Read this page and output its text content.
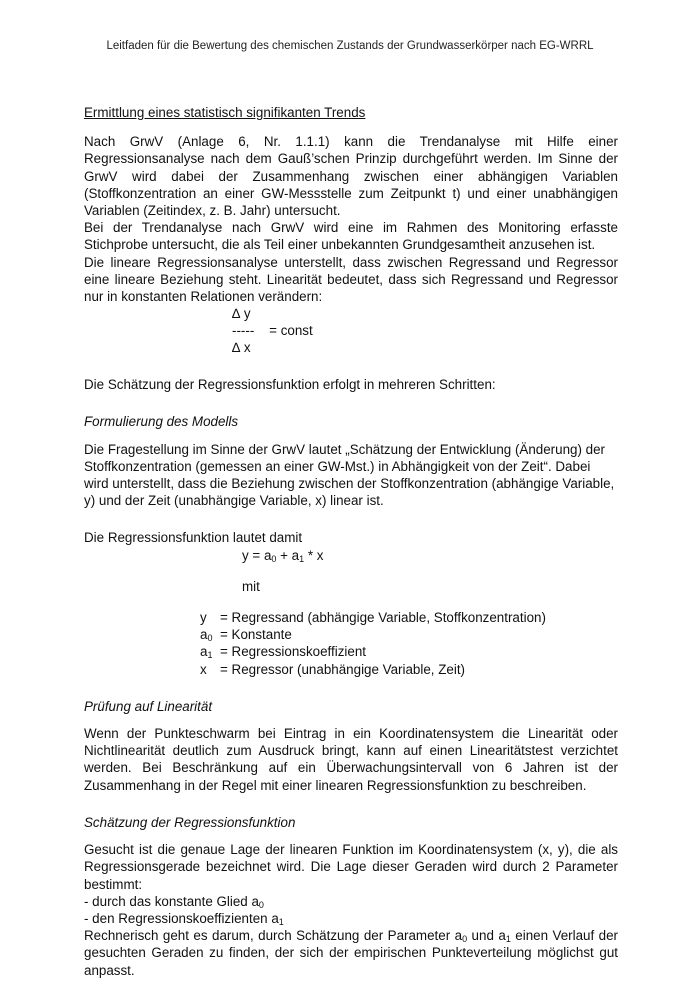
Leitfaden für die Bewertung des chemischen Zustands der Grundwasserkörper nach EG-WRRL

Ermittlung eines statistisch signifikanten Trends

Nach GrwV (Anlage 6, Nr. 1.1.1) kann die Trendanalyse mit Hilfe einer Regressionsanalyse nach dem Gauß’schen Prinzip durchgeführt werden. Im Sinne der GrwV wird dabei der Zusammenhang zwischen einer abhängigen Variablen (Stoffkonzentration an einer GW-Messstelle zum Zeitpunkt t) und einer unabhängigen Variablen (Zeitindex, z. B. Jahr) untersucht.

Bei der Trendanalyse nach GrwV wird eine im Rahmen des Monitoring erfasste Stichprobe untersucht, die als Teil einer unbekannten Grundgesamtheit anzusehen ist.

Die lineare Regressionsanalyse unterstellt, dass zwischen Regressand und Regressor eine lineare Beziehung steht. Linearität bedeutet, dass sich Regressand und Regressor nur in konstanten Relationen verändern:

∆ y
-----    = const
∆ x

Die Schätzung der Regressionsfunktion erfolgt in mehreren Schritten:

Formulierung des Modells

Die Fragestellung im Sinne der GrwV lautet „Schätzung der Entwicklung (Änderung) der Stoffkonzentration (gemessen an einer GW-Mst.) in Abhängigkeit von der Zeit“. Dabei wird unterstellt, dass die Beziehung zwischen der Stoffkonzentration (abhängige Variable, y) und der Zeit (unabhängige Variable, x) linear ist.

Die Regressionsfunktion lautet damit

$y = a_0 + a_1 * x$
mit
y = Regressand (abhängige Variable, Stoffkonzentration)
$a_0$ = Konstante
$a_1$ = Regressionskoeffizient
x = Regressor (unabhängige Variable, Zeit)

Prüfung auf Linearität

Wenn der Punkteschwarm bei Eintrag in ein Koordinatensystem die Linearität oder Nichtlinearität deutlich zum Ausdruck bringt, kann auf einen Linearitätstest verzichtet werden. Bei Beschränkung auf ein Überwachungsintervall von 6 Jahren ist der Zusammenhang in der Regel mit einer linearen Regressionsfunktion zu beschreiben.

Schätzung der Regressionsfunktion

Gesucht ist die genaue Lage der linearen Funktion im Koordinatensystem (x, y), die als Regressionsgerade bezeichnet wird. Die Lage dieser Geraden wird durch 2 Parameter bestimmt:

- durch das konstante Glied $a_0$

- den Regressionskoeffizienten $a_1$

Rechnerisch geht es darum, durch Schätzung der Parameter $a_0$ und $a_1$ einen Verlauf der gesuchten Geraden zu finden, der sich der empirischen Punkteverteilung möglichst gut anpasst.
